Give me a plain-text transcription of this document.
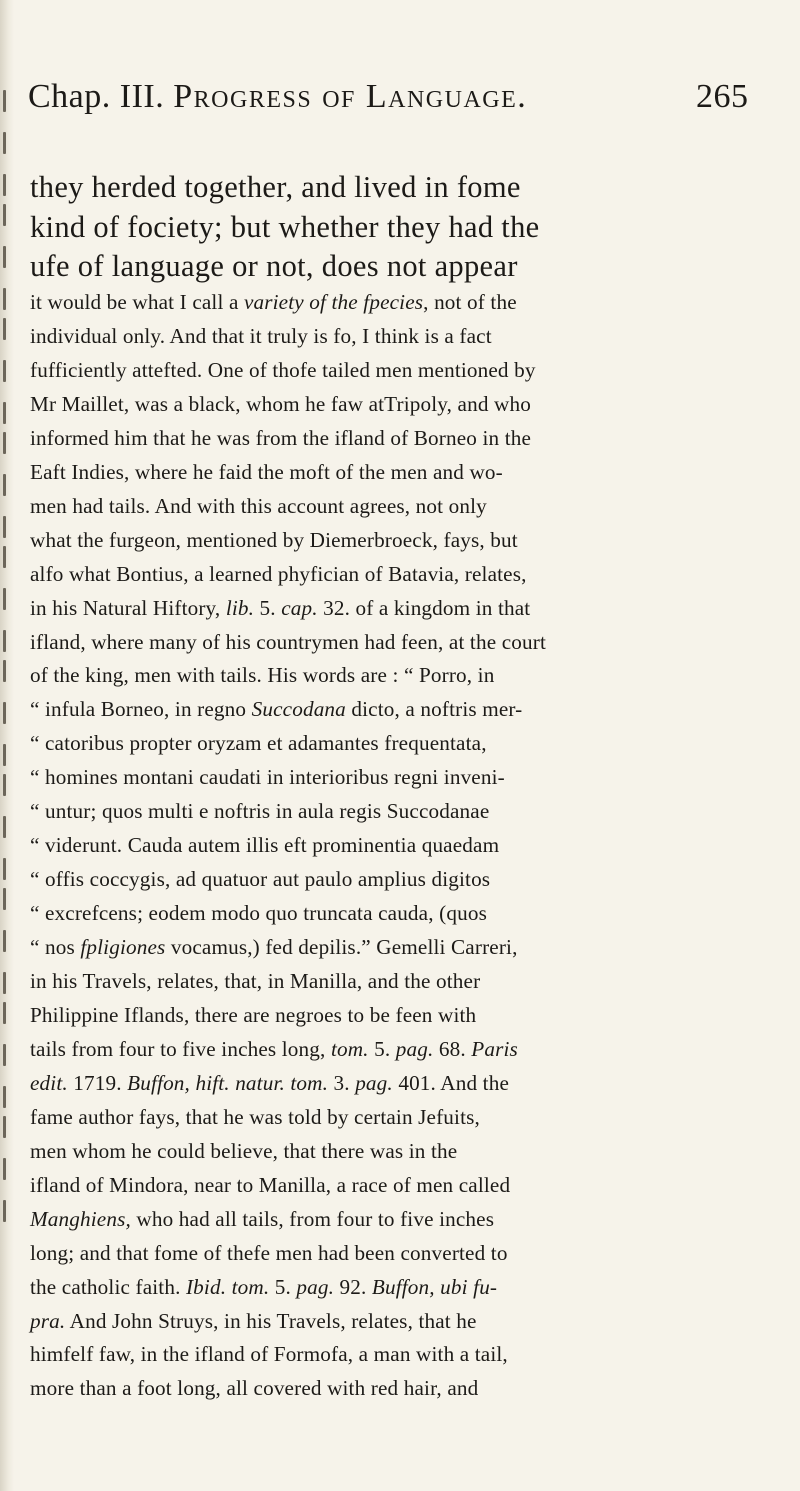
Chap. III. Progress of Language.	265
they herded together, and lived in fome
kind of fociety; but whether they had the
ufe of language or not, does not appear
it would be what I call a variety of the fpecies, not of the
individual only. And that it truly is fo, I think is a fact
fufficiently attefted. One of thofe tailed men mentioned by
Mr Maillet, was a black, whom he faw atTripoly, and who
informed him that he was from the ifland of Borneo in the
Eaft Indies, where he faid the moft of the men and wo-
men had tails. And with this account agrees, not only
what the furgeon, mentioned by Diemerbroeck, fays, but
alfo what Bontius, a learned phyfician of Batavia, relates,
in his Natural Hiftory, lib. 5. cap. 32. of a kingdom in that
ifland, where many of his countrymen had feen, at the court
of the king, men with tails. His words are : “ Porro, in
“ infula Borneo, in regno Succodana dicto, a noftris mer-
“ catoribus propter oryzam et adamantes frequentata,
“ homines montani caudati in interioribus regni inveni-
“ untur; quos multi e noftris in aula regis Succodanae
“ viderunt. Cauda autem illis eft prominentia quaedam
“ offis coccygis, ad quatuor aut paulo amplius digitos
“ excrefcens; eodem modo quo truncata cauda, (quos
“ nos fpligiones vocamus,) fed depilis.” Gemelli Carreri,
in his Travels, relates, that, in Manilla, and the other
Philippine Iflands, there are negroes to be feen with
tails from four to five inches long, tom. 5. pag. 68. Paris
edit. 1719. Buffon, hift. natur. tom. 3. pag. 401. And the
fame author fays, that he was told by certain Jefuits,
men whom he could believe, that there was in the
ifland of Mindora, near to Manilla, a race of men called
Manghiens, who had all tails, from four to five inches
long; and that fome of thefe men had been converted to
the catholic faith. Ibid. tom. 5. pag. 92. Buffon, ubi fu-
pra. And John Struys, in his Travels, relates, that he
himfelf faw, in the ifland of Formofa, a man with a tail,
more than a foot long, all covered with red hair, and
